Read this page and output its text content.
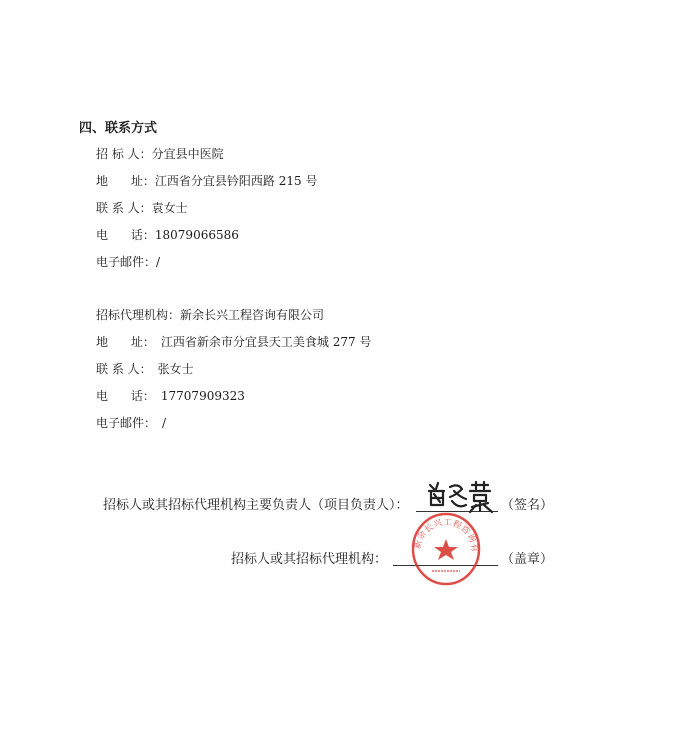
四、联系方式
招 标 人：分宜县中医院
地      址：江西省分宜县钤阳西路 215 号
联 系 人：袁女士
电      话：18079066586
电子邮件：/
招标代理机构：新余长兴工程咨询有限公司
地      址： 江西省新余市分宜县天工美食城 277 号
联 系 人： 张女士
电      话： 17707909323
电子邮件： /
招标人或其招标代理机构主要负责人（项目负责人）：	（签名）
招标人或其招标代理机构：	（盖章）
新余长兴工程咨询有
